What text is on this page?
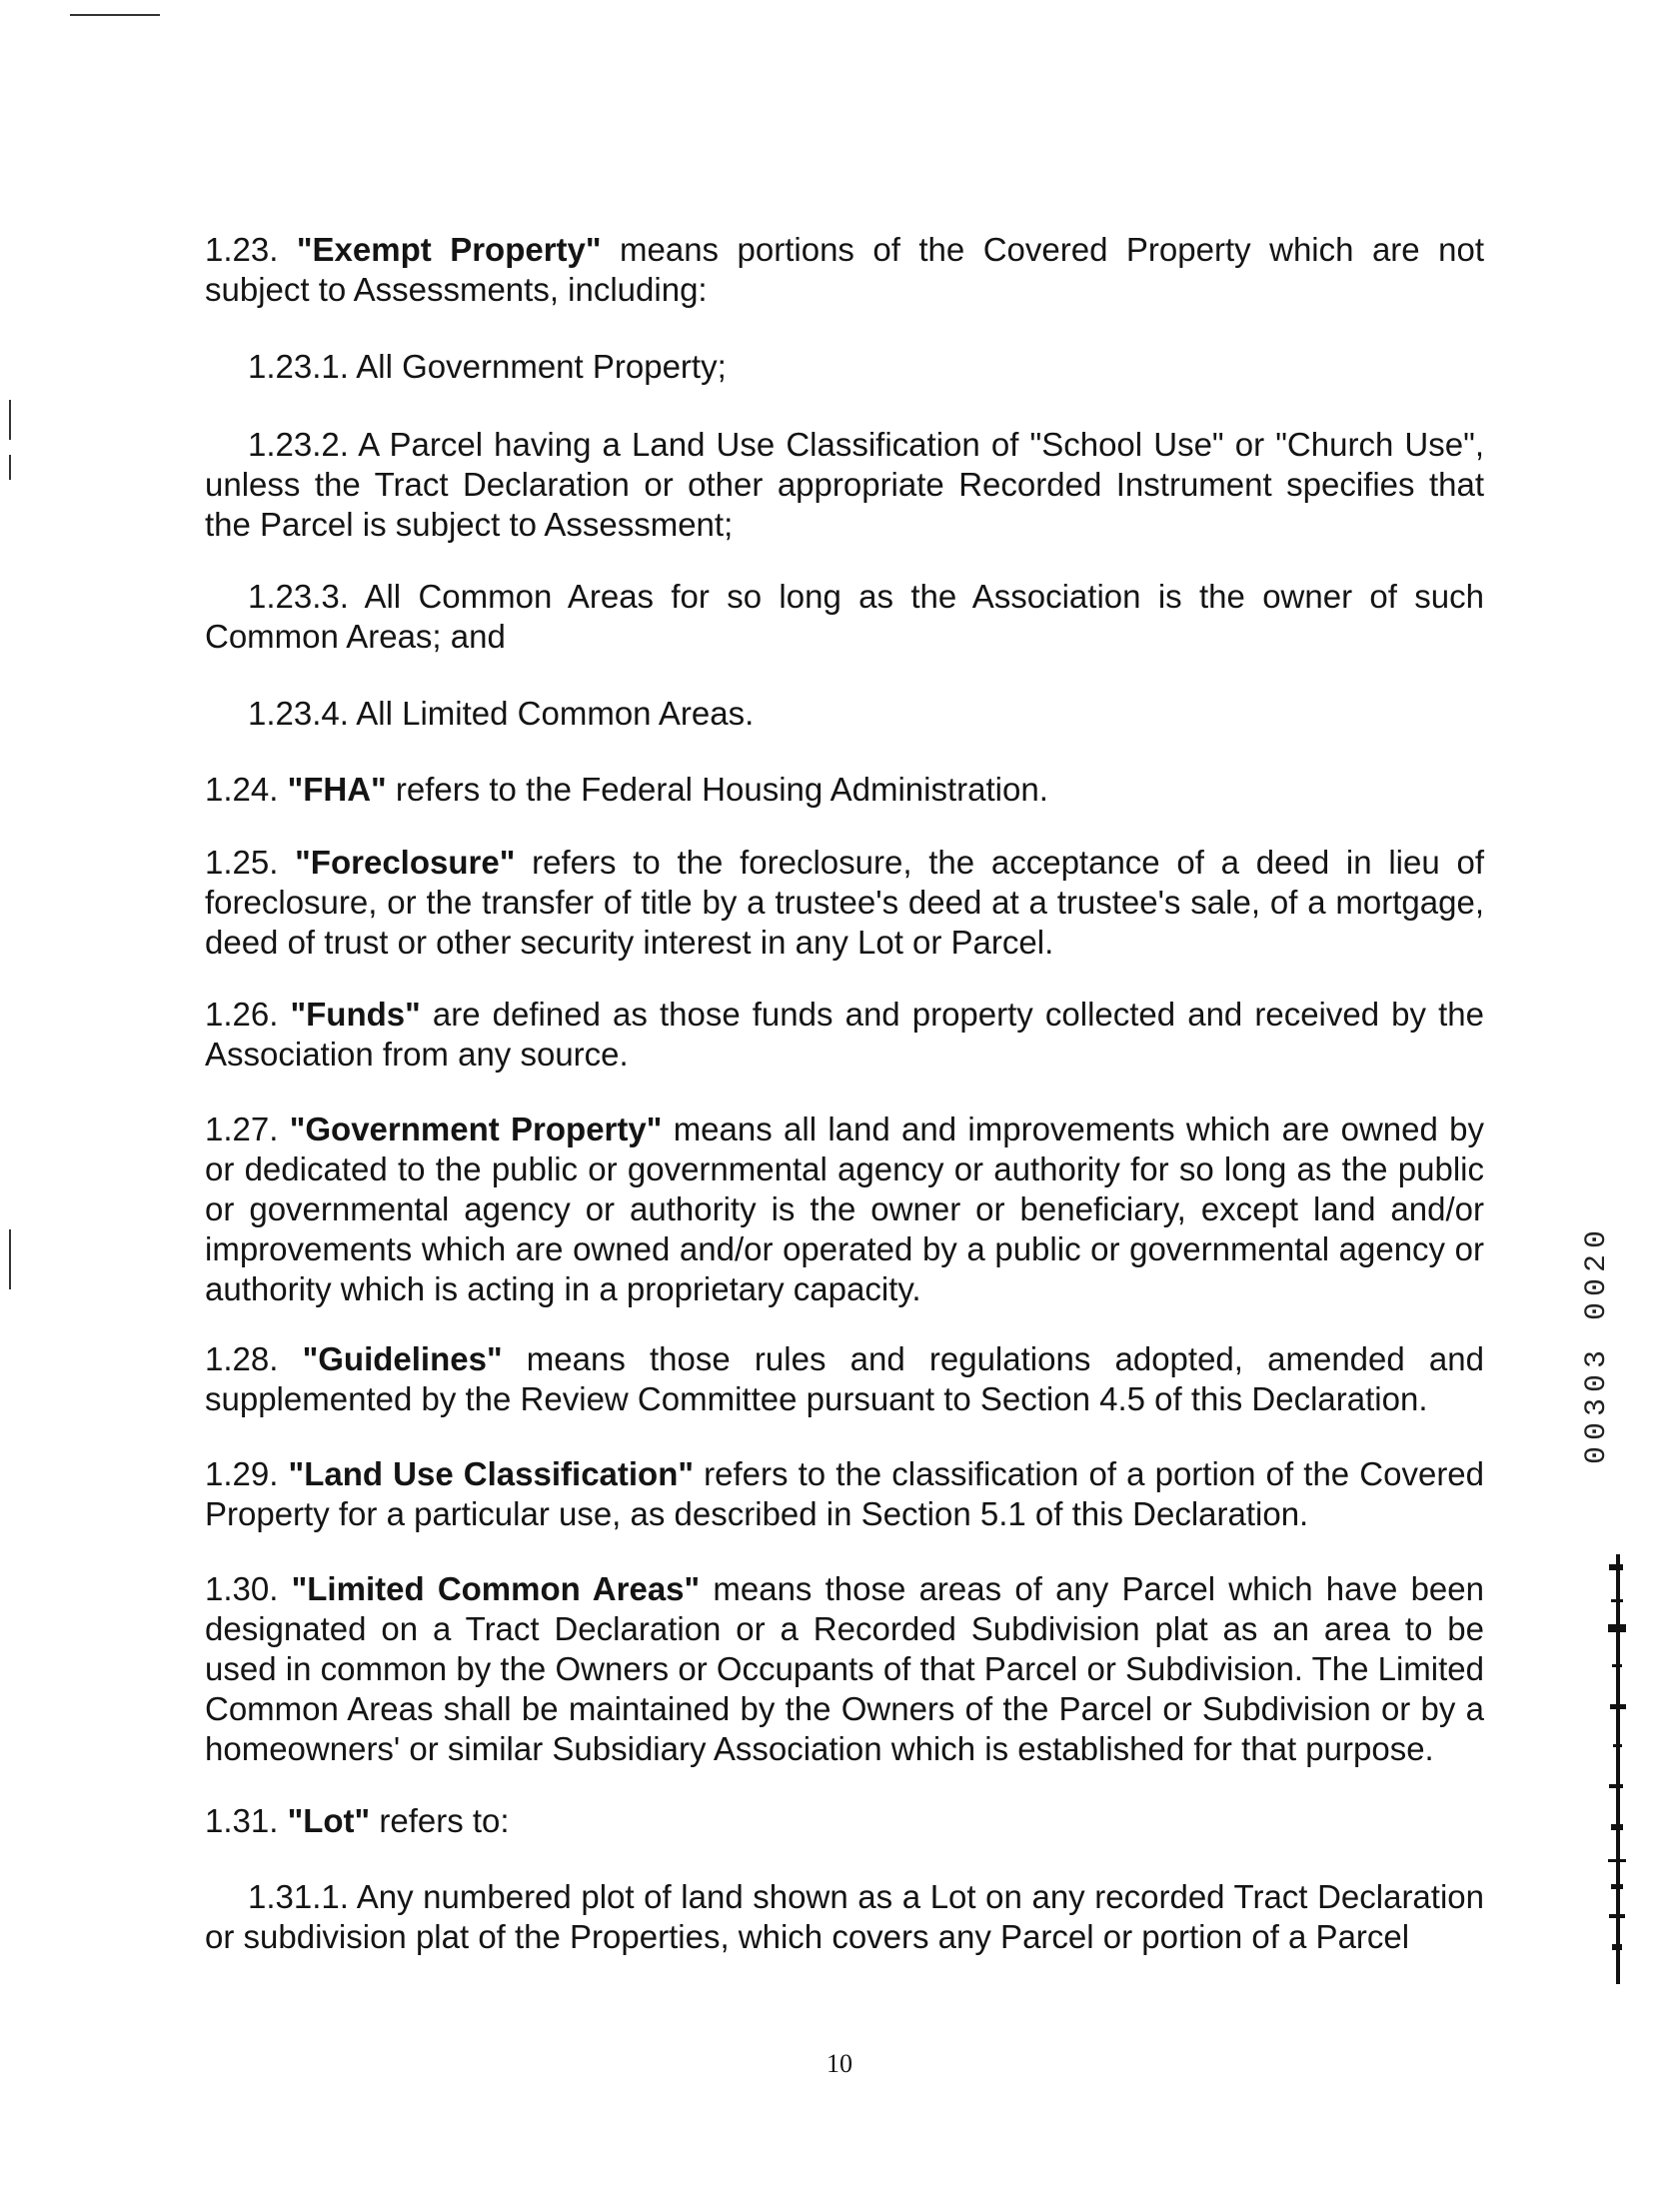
1.23. "Exempt Property" means portions of the Covered Property which are not subject to Assessments, including:

1.23.1. All Government Property;

1.23.2. A Parcel having a Land Use Classification of "School Use" or "Church Use", unless the Tract Declaration or other appropriate Recorded Instrument specifies that the Parcel is subject to Assessment;

1.23.3. All Common Areas for so long as the Association is the owner of such Common Areas; and

1.23.4. All Limited Common Areas.

1.24. "FHA" refers to the Federal Housing Administration.

1.25. "Foreclosure" refers to the foreclosure, the acceptance of a deed in lieu of foreclosure, or the transfer of title by a trustee's deed at a trustee's sale, of a mortgage, deed of trust or other security interest in any Lot or Parcel.

1.26. "Funds" are defined as those funds and property collected and received by the Association from any source.

1.27. "Government Property" means all land and improvements which are owned by or dedicated to the public or governmental agency or authority for so long as the public or governmental agency or authority is the owner or beneficiary, except land and/or improvements which are owned and/or operated by a public or governmental agency or authority which is acting in a proprietary capacity.

1.28. "Guidelines" means those rules and regulations adopted, amended and supplemented by the Review Committee pursuant to Section 4.5 of this Declaration.

1.29. "Land Use Classification" refers to the classification of a portion of the Covered Property for a particular use, as described in Section 5.1 of this Declaration.

1.30. "Limited Common Areas" means those areas of any Parcel which have been designated on a Tract Declaration or a Recorded Subdivision plat as an area to be used in common by the Owners or Occupants of that Parcel or Subdivision. The Limited Common Areas shall be maintained by the Owners of the Parcel or Subdivision or by a homeowners' or similar Subsidiary Association which is established for that purpose.

1.31. "Lot" refers to:

1.31.1. Any numbered plot of land shown as a Lot on any recorded Tract Declaration or subdivision plat of the Properties, which covers any Parcel or portion of a Parcel

00303 0020
10
